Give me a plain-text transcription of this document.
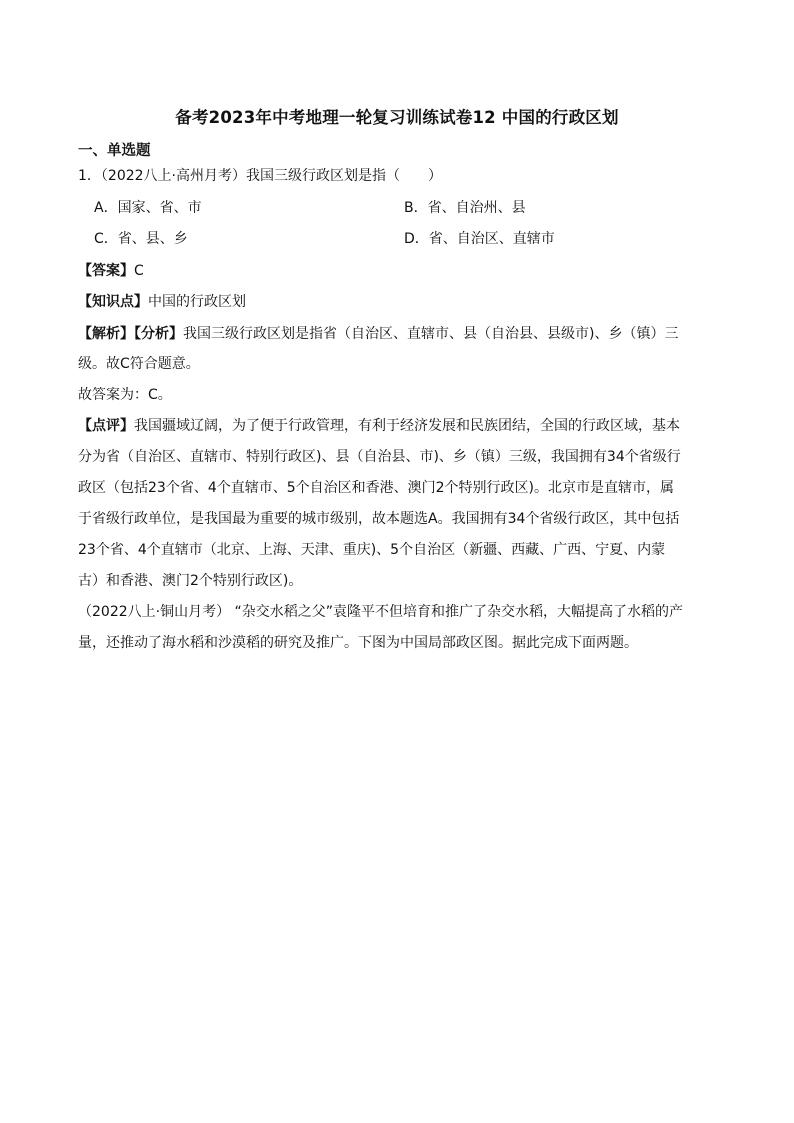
备考2023年中考地理一轮复习训练试卷12 中国的行政区划
一、单选题
1．（2022八上·高州月考）我国三级行政区划是指（　　）
A．国家、省、市	B．省、自治州、县
C．省、县、乡	D．省、自治区、直辖市
【答案】C
【知识点】中国的行政区划
【解析】【分析】我国三级行政区划是指省（自治区、直辖市、县（自治县、县级市)、乡（镇）三
级。故C符合题意。
故答案为：C。
【点评】我国疆域辽阔，为了便于行政管理，有利于经济发展和民族团结，全国的行政区域，基本
分为省（自治区、直辖市、特别行政区)、县（自治县、市)、乡（镇）三级，我国拥有34个省级行
政区（包括23个省、4个直辖市、5个自治区和香港、澳门2个特别行政区)。北京市是直辖市，属
于省级行政单位，是我国最为重要的城市级别，故本题选A。我国拥有34个省级行政区，其中包括
23个省、4个直辖市（北京、上海、天津、重庆)、5个自治区（新疆、西藏、广西、宁夏、内蒙
古）和香港、澳门2个特别行政区)。
（2022八上·铜山月考） “杂交水稻之父”袁隆平不但培育和推广了杂交水稻，大幅提高了水稻的产
量，还推动了海水稻和沙漠稻的研究及推广。下图为中国局部政区图。据此完成下面两题。
